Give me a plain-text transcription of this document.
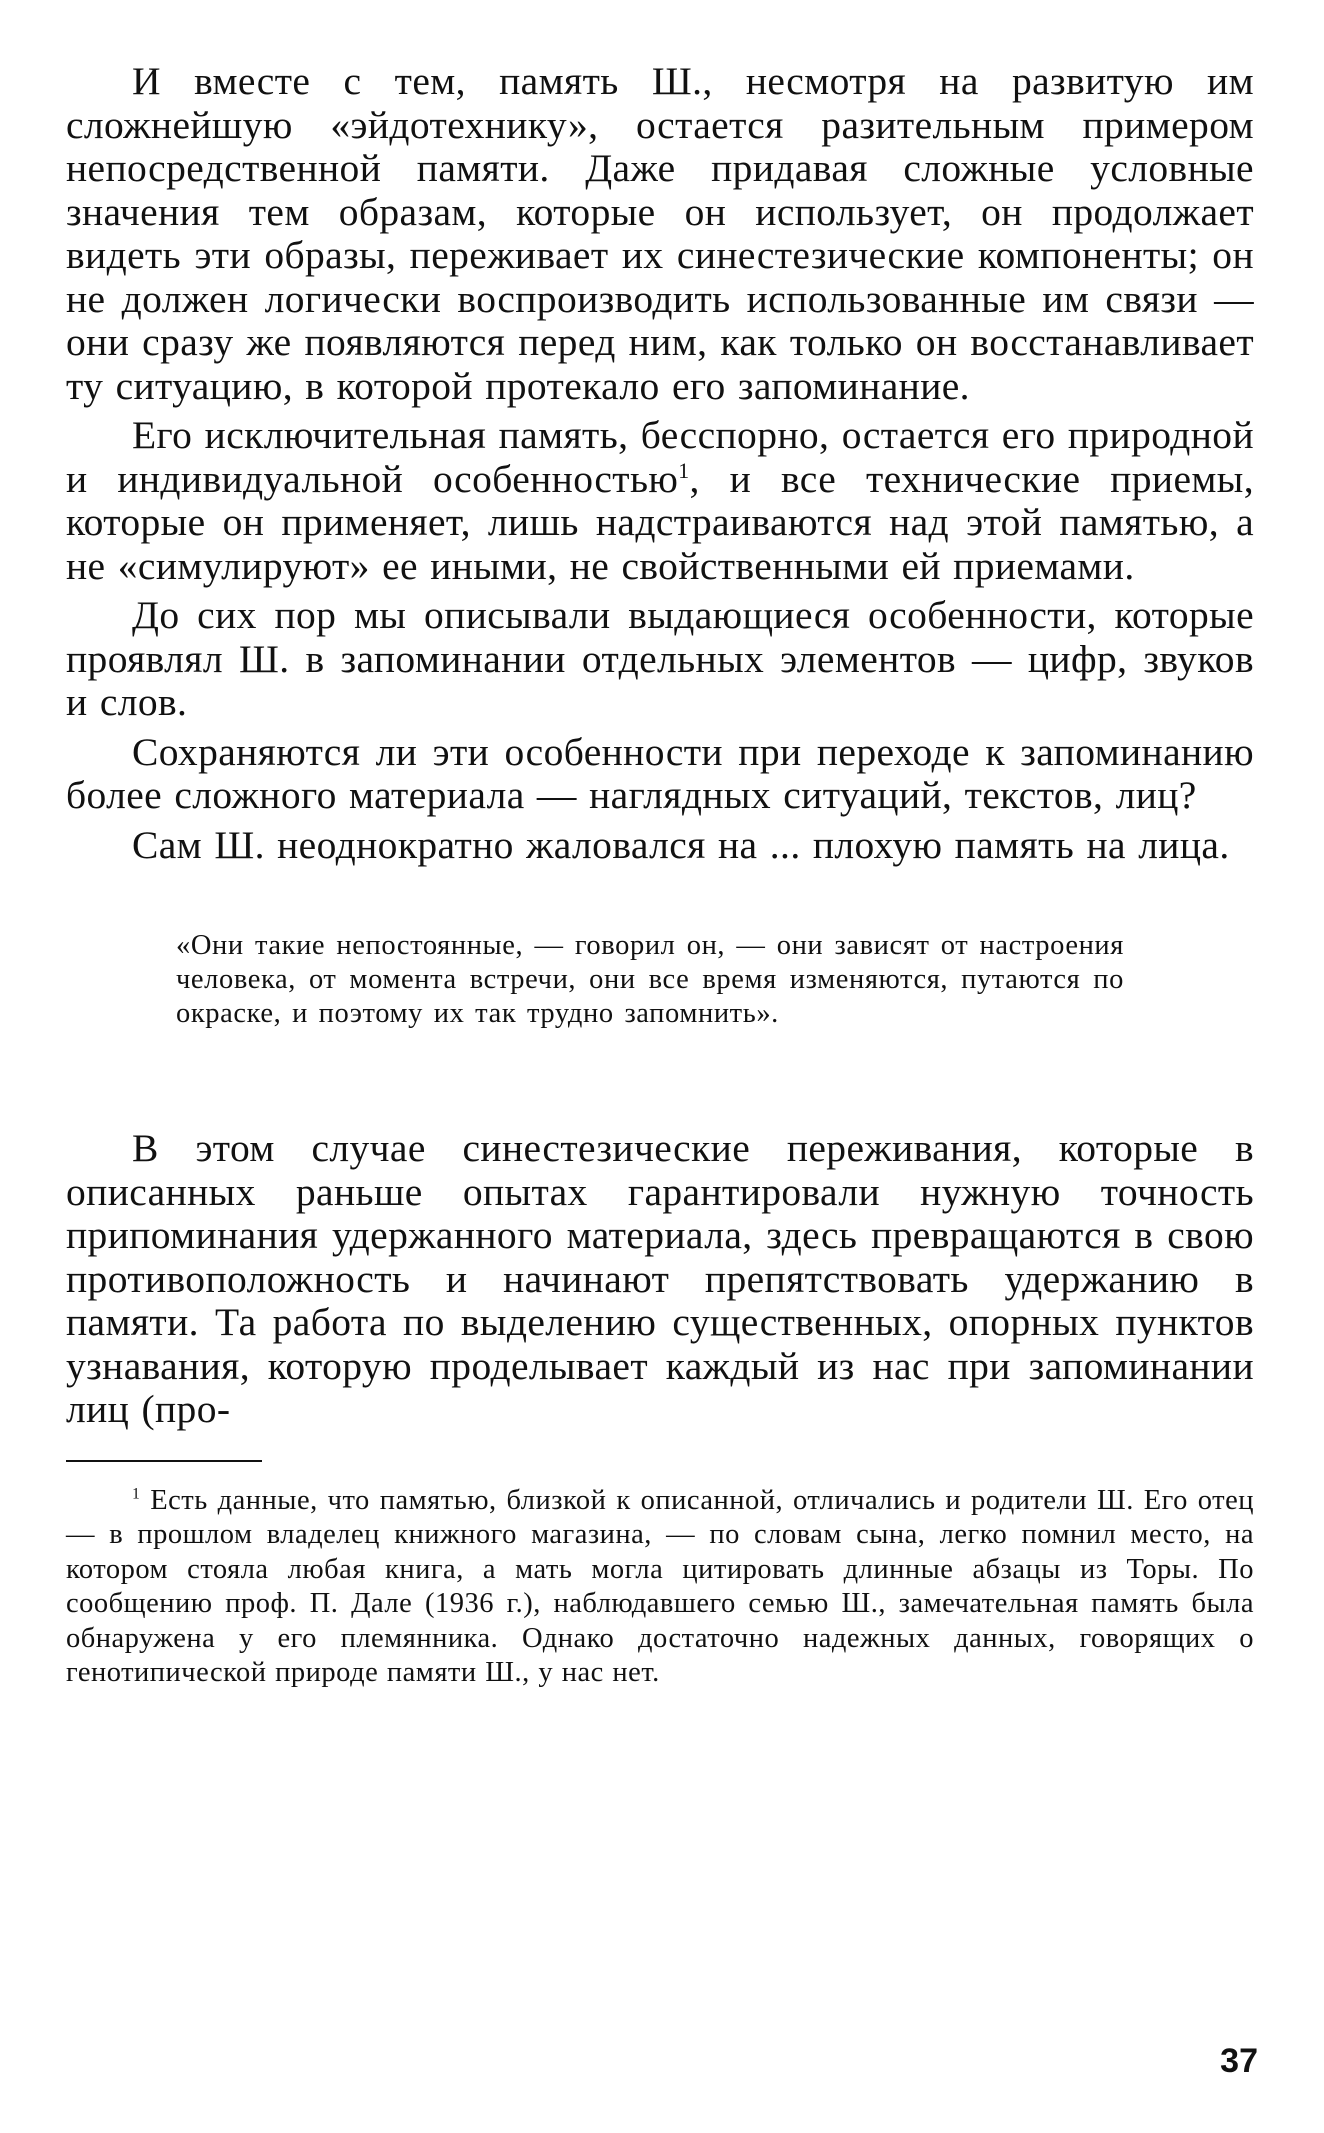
И вместе с тем, память Ш., несмотря на развитую им сложнейшую «эйдотехнику», остается разительным примером непосредственной памяти. Даже придавая сложные условные значения тем образам, которые он использует, он продолжает видеть эти образы, переживает их синестезические компоненты; он не должен логически воспроизводить использованные им связи — они сразу же появляются перед ним, как только он восстанавливает ту ситуацию, в которой протекало его запоминание.

Его исключительная память, бесспорно, остается его природной и индивидуальной особенностью$^1$, и все технические приемы, которые он применяет, лишь надстраиваются над этой памятью, а не «симулируют» ее иными, не свойственными ей приемами.

До сих пор мы описывали выдающиеся особенности, которые проявлял Ш. в запоминании отдельных элементов — цифр, звуков и слов.

Сохраняются ли эти особенности при переходе к запоминанию более сложного материала — наглядных ситуаций, текстов, лиц?

Сам Ш. неоднократно жаловался на ... плохую память на лица.

«Они такие непостоянные, — говорил он, — они зависят от настроения человека, от момента встречи, они все время изменяются, путаются по окраске, и поэтому их так трудно запомнить».

В этом случае синестезические переживания, которые в описанных раньше опытах гарантировали нужную точность припоминания удержанного материала, здесь превращаются в свою противоположность и начинают препятствовать удержанию в памяти. Та работа по выделению существенных, опорных пунктов узнавания, которую проделывает каждый из нас при запоминании лиц (про-

$^1$ Есть данные, что памятью, близкой к описанной, отличались и родители Ш. Его отец — в прошлом владелец книжного магазина, — по словам сына, легко помнил место, на котором стояла любая книга, а мать могла цитировать длинные абзацы из Торы. По сообщению проф. П. Дале (1936 г.), наблюдавшего семью Ш., замечательная память была обнаружена у его племянника. Однако достаточно надежных данных, говорящих о генотипической природе памяти Ш., у нас нет.

37
